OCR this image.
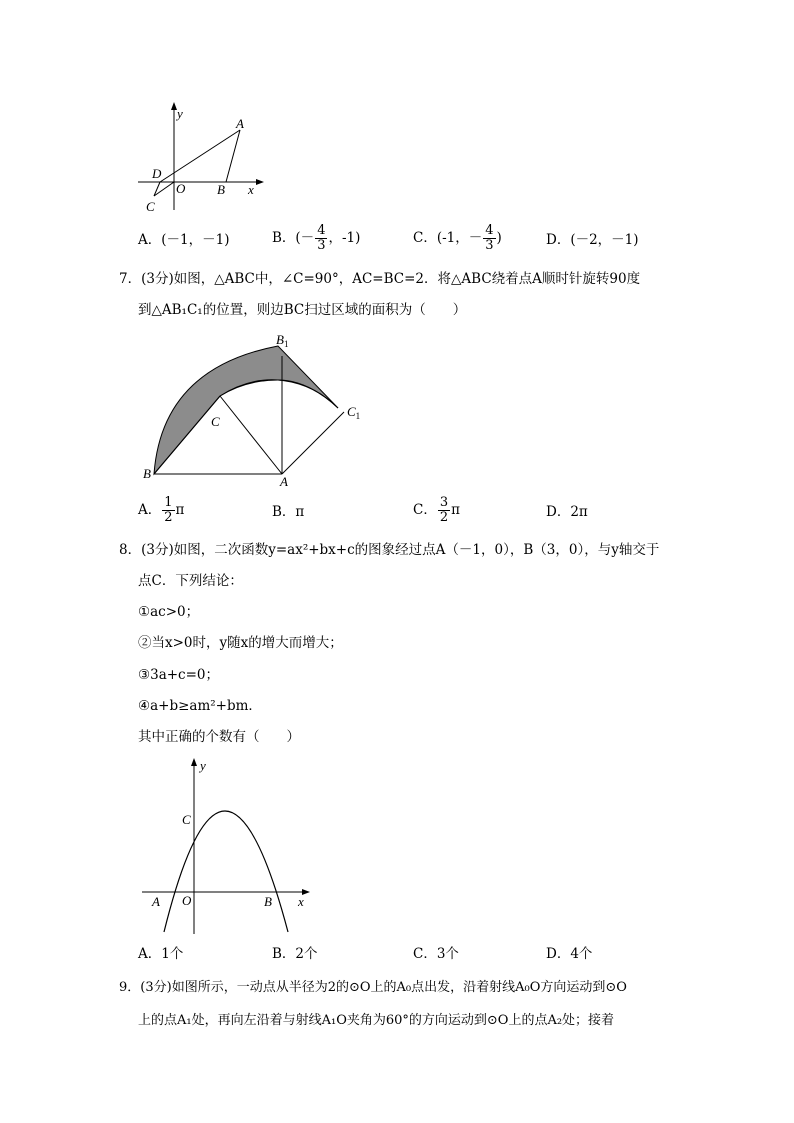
y
A
D
O B x
C
A．(－1，－1)	B．(－ $\frac{4}{3}$ ，-1)	C．(-1，－ $\frac{4}{3}$ )	D．(－2，－1)
7．(3分)如图，△ABC中，∠C=90°，AC=BC=2．将△ABC绕着点A顺时针旋转90度
到△AB₁C₁的位置，则边BC扫过区域的面积为（　　）
$B_1$
$C_1$
C
B
A
A． $\frac{1}{2}$ π	B．π	C． $\frac{3}{2}$ π	D．2π
8．(3分)如图，二次函数y=ax²+bx+c的图象经过点A（－1，0），B（3，0），与y轴交于
点C．下列结论：
①ac>0；
②当x>0时，y随x的增大而增大；
③3a+c=0；
④a+b≥am²+bm．
其中正确的个数有（　　）
y
C
A O	B x
A．1个	B．2个	C．3个	D．4个
9．(3分)如图所示，一动点从半径为2的⊙O上的A₀点出发，沿着射线A₀O方向运动到⊙O
上的点A₁处，再向左沿着与射线A₁O夹角为60°的方向运动到⊙O上的点A₂处；接着
